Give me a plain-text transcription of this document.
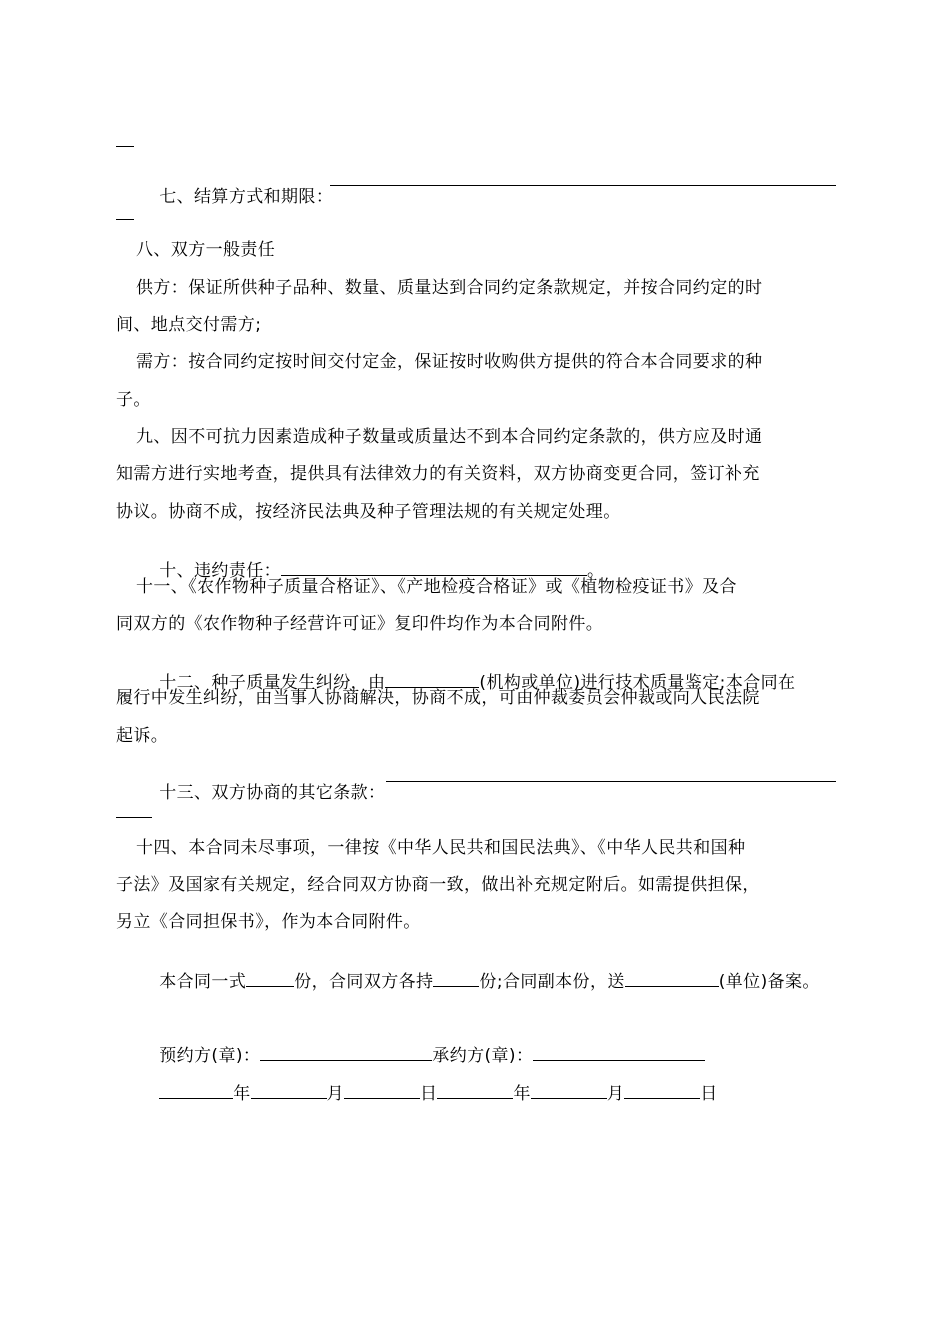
七、结算方式和期限：

八、双方一般责任
供方：保证所供种子品种、数量、质量达到合同约定条款规定，并按合同约定的时
间、地点交付需方;
需方：按合同约定按时间交付定金，保证按时收购供方提供的符合本合同要求的种
子。
九、因不可抗力因素造成种子数量或质量达不到本合同约定条款的，供方应及时通
知需方进行实地考查，提供具有法律效力的有关资料，双方协商变更合同，签订补充
协议。协商不成，按经济民法典及种子管理法规的有关规定处理。

十、违约责任：	。

十一、《农作物种子质量合格证》、《产地检疫合格证》或《植物检疫证书》及合
同双方的《农作物种子经营许可证》复印件均作为本合同附件。

十二、种子质量发生纠纷，由	(机构或单位)进行技术质量鉴定;本合同在

履行中发生纠纷，由当事人协商解决，协商不成，可由仲裁委员会仲裁或向人民法院
起诉。

十三、双方协商的其它条款：

十四、本合同未尽事项，一律按《中华人民共和国民法典》、《中华人民共和国种
子法》及国家有关规定，经合同双方协商一致，做出补充规定附后。如需提供担保，
另立《合同担保书》，作为本合同附件。

本合同一式	份，合同双方各持	份;合同副本份，送	(单位)备案。

预约方(章)：	承约方(章)：

年	月	日	年	月	日
